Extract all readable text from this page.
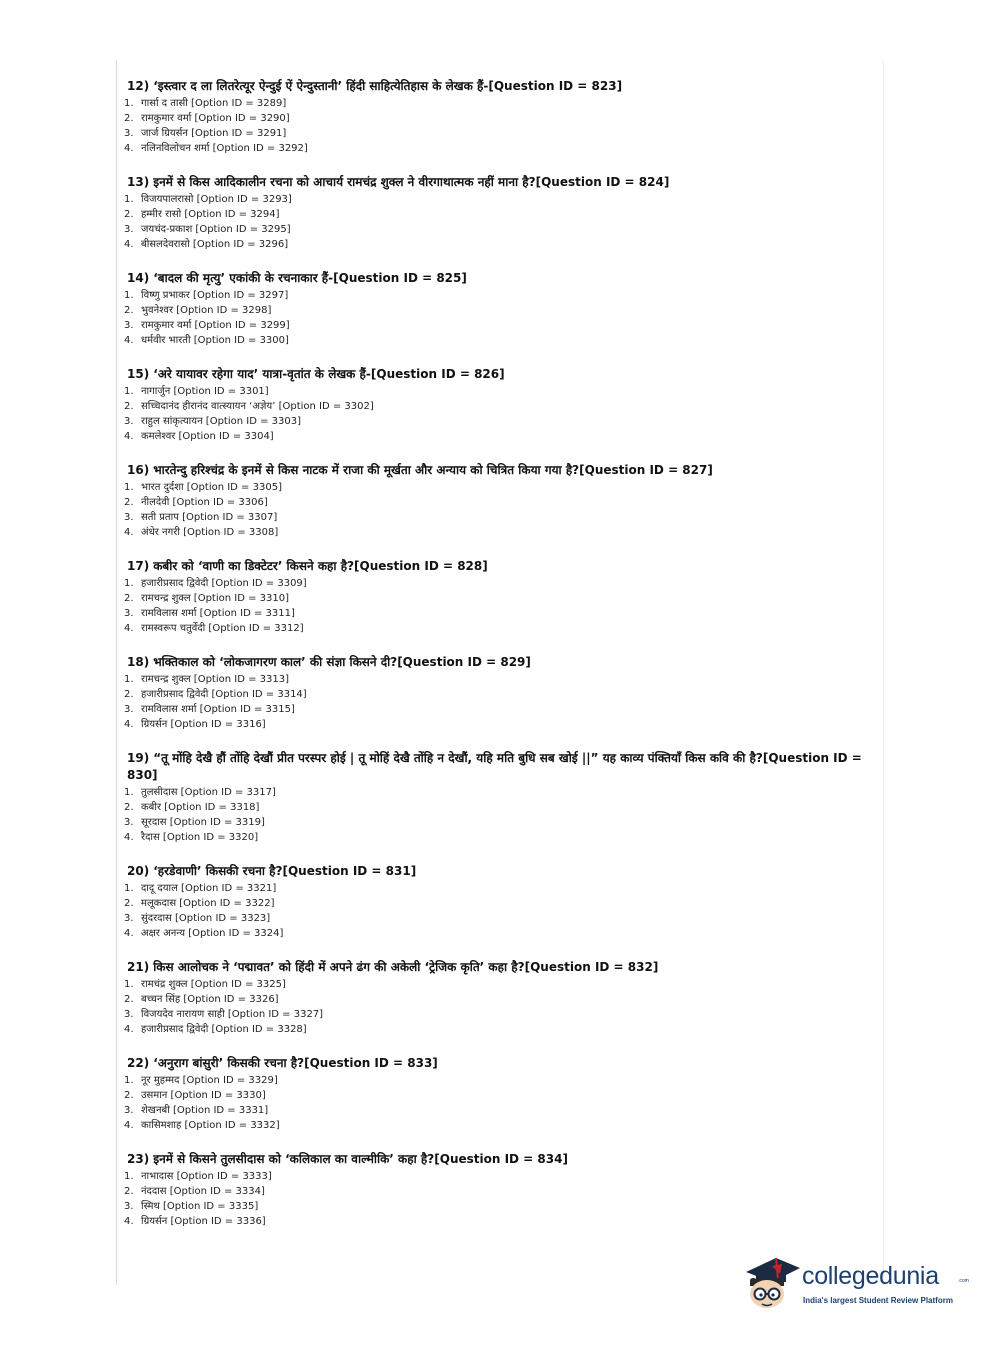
12) ‘इस्त्वार द ला लितरेत्यूर ऐन्दुई ऐं ऐन्दुस्तानी’ हिंदी साहित्येतिहास के लेखक हैं-[Question ID = 823]
1. गार्सा द तासी [Option ID = 3289]
2. रामकुमार वर्मा [Option ID = 3290]
3. जार्ज ग्रियर्सन [Option ID = 3291]
4. नलिनविलोचन शर्मा [Option ID = 3292]
13) इनमें से किस आदिकालीन रचना को आचार्य रामचंद्र शुक्ल ने वीरगाथात्मक नहीं माना है?[Question ID = 824]
1. विजयपालरासो [Option ID = 3293]
2. हम्मीर रासो [Option ID = 3294]
3. जयचंद-प्रकाश [Option ID = 3295]
4. बीसलदेवरासो [Option ID = 3296]
14) ‘बादल की मृत्यु’ एकांकी के रचनाकार हैं-[Question ID = 825]
1. विष्णु प्रभाकर [Option ID = 3297]
2. भुवनेश्वर [Option ID = 3298]
3. रामकुमार वर्मा [Option ID = 3299]
4. धर्मवीर भारती [Option ID = 3300]
15) ‘अरे यायावर रहेगा याद’ यात्रा-वृतांत के लेखक हैं-[Question ID = 826]
1. नागार्जुन [Option ID = 3301]
2. सच्चिदानंद हीरानंद वात्स्यायन ‘अज्ञेय’ [Option ID = 3302]
3. राहुल सांकृत्यायन [Option ID = 3303]
4. कमलेश्वर [Option ID = 3304]
16) भारतेन्दु हरिश्चंद्र के इनमें से किस नाटक में राजा की मूर्खता और अन्याय को चित्रित किया गया है?[Question ID = 827]
1. भारत दुर्दशा [Option ID = 3305]
2. नीलदेवी [Option ID = 3306]
3. सती प्रताप [Option ID = 3307]
4. अंधेर नगरी [Option ID = 3308]
17) कबीर को ‘वाणी का डिक्टेटर’ किसने कहा है?[Question ID = 828]
1. हजारीप्रसाद द्विवेदी [Option ID = 3309]
2. रामचन्द्र शुक्ल [Option ID = 3310]
3. रामविलास शर्मा [Option ID = 3311]
4. रामस्वरूप चतुर्वेदी [Option ID = 3312]
18) भक्तिकाल को ‘लोकजागरण काल’ की संज्ञा किसने दी?[Question ID = 829]
1. रामचन्द्र शुक्ल [Option ID = 3313]
2. हजारीप्रसाद द्विवेदी [Option ID = 3314]
3. रामविलास शर्मा [Option ID = 3315]
4. ग्रियर्सन [Option ID = 3316]
19) “तू मोंहि देखै हौं तोंहि देखौं प्रीत परस्पर होई | तू मोहिं देखै तोंहि न देखौं, यहि मति बुधि सब खोई ||” यह काव्य पंक्तियाँ किस कवि की है?[Question ID = 830]
1. तुलसीदास [Option ID = 3317]
2. कबीर [Option ID = 3318]
3. सूरदास [Option ID = 3319]
4. रैदास [Option ID = 3320]
20) ‘हरडेवाणी’ किसकी रचना है?[Question ID = 831]
1. दादू दयाल [Option ID = 3321]
2. मलूकदास [Option ID = 3322]
3. सुंदरदास [Option ID = 3323]
4. अक्षर अनन्य [Option ID = 3324]
21) किस आलोचक ने ‘पद्मावत’ को हिंदी में अपने ढंग की अकेली ‘ट्रेजिक कृति’ कहा है?[Question ID = 832]
1. रामचंद्र शुक्ल [Option ID = 3325]
2. बच्चन सिंह [Option ID = 3326]
3. विजयदेव नारायण साही [Option ID = 3327]
4. हजारीप्रसाद द्विवेदी [Option ID = 3328]
22) ‘अनुराग बांसुरी’ किसकी रचना है?[Question ID = 833]
1. नूर मुहम्मद [Option ID = 3329]
2. उसमान [Option ID = 3330]
3. शेखनबी [Option ID = 3331]
4. कासिमशाह [Option ID = 3332]
23) इनमें से किसने तुलसीदास को ‘कलिकाल का वाल्मीकि’ कहा है?[Question ID = 834]
1. नाभादास [Option ID = 3333]
2. नंददास [Option ID = 3334]
3. स्मिथ [Option ID = 3335]
4. ग्रियर्सन [Option ID = 3336]
collegedunia	.com
India's largest Student Review Platform
